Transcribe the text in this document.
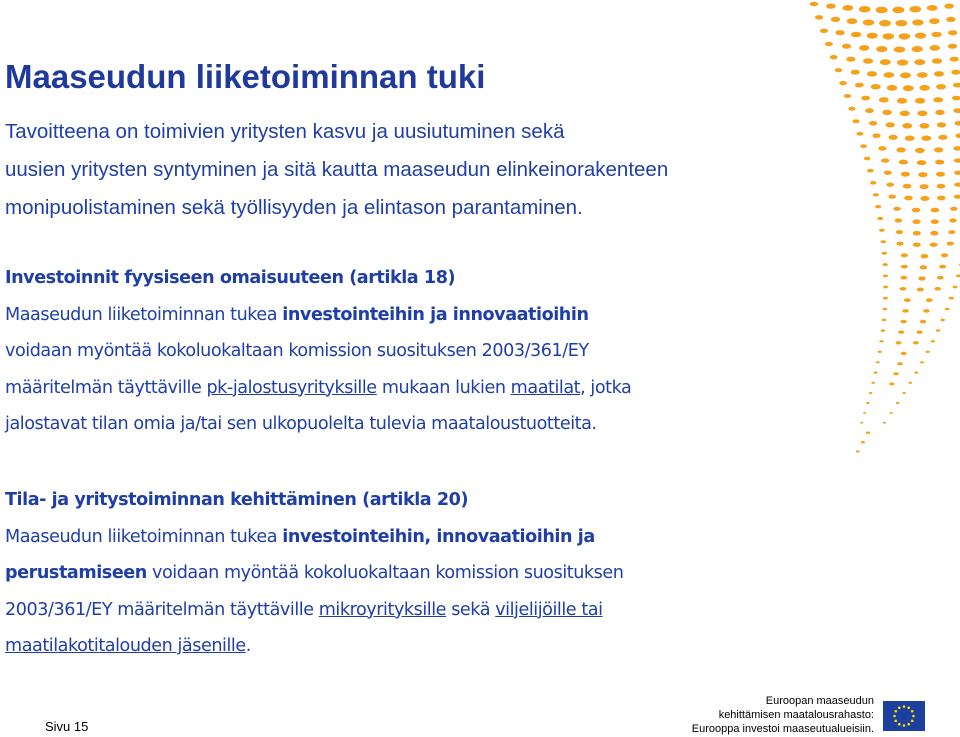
Maaseudun liiketoiminnan tuki
Tavoitteena on toimivien yritysten kasvu ja uusiutuminen sekä
uusien yritysten syntyminen ja sitä kautta maaseudun elinkeinorakenteen
monipuolistaminen sekä työllisyyden ja elintason parantaminen.
Investoinnit fyysiseen omaisuuteen (artikla 18)
Maaseudun liiketoiminnan tukea investointeihin ja innovaatioihin
voidaan myöntää kokoluokaltaan komission suosituksen 2003/361/EY
määritelmän täyttäville pk-jalostusyrityksille mukaan lukien maatilat, jotka
jalostavat tilan omia ja/tai sen ulkopuolelta tulevia maataloustuotteita.
Tila- ja yritystoiminnan kehittäminen (artikla 20)
Maaseudun liiketoiminnan tukea investointeihin, innovaatioihin ja
perustamiseen voidaan myöntää kokoluokaltaan komission suosituksen
2003/361/EY määritelmän täyttäville mikroyrityksille sekä viljelijöille tai
maatilakotitalouden jäsenille.
Sivu 15
Euroopan maaseudun
kehittämisen maatalousrahasto:
Eurooppa investoi maaseutualueisiin.
